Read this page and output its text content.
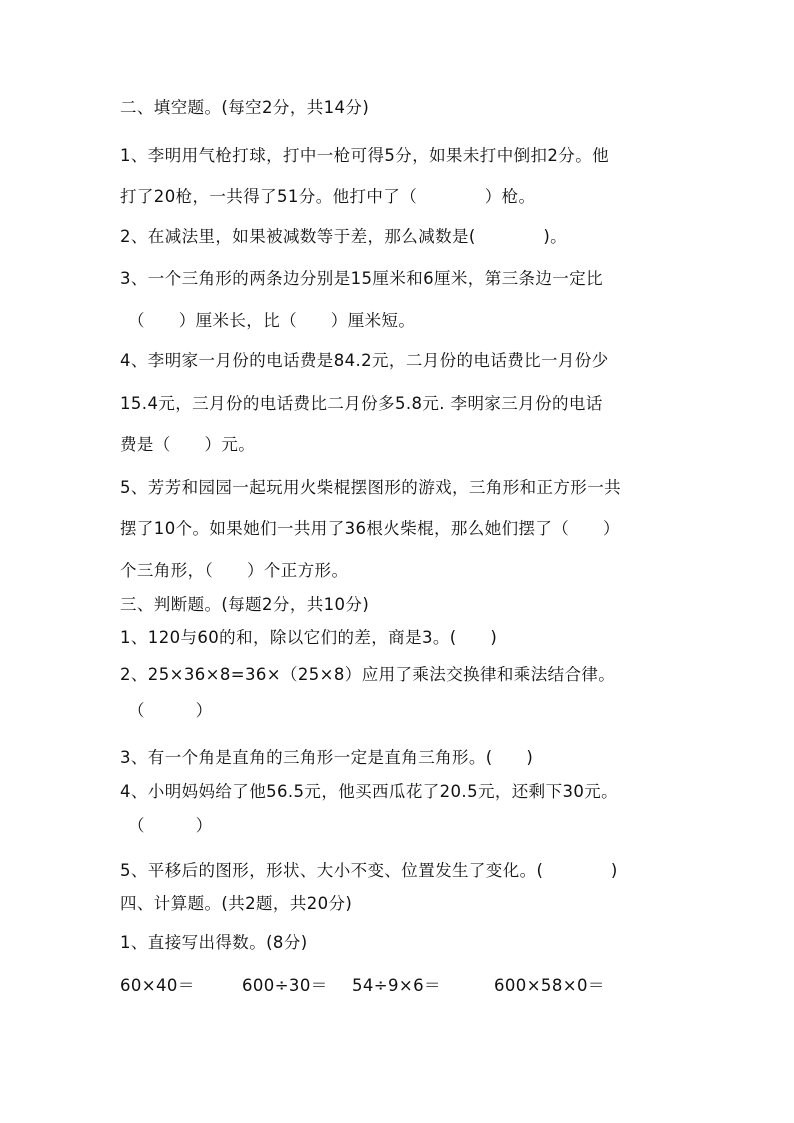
二、填空题。(每空2分，共14分)
1、李明用气枪打球，打中一枪可得5分，如果未打中倒扣2分。他
打了20枪，一共得了51分。他打中了（　　　　）枪。
2、在减法里，如果被减数等于差，那么减数是(　　　　)。
3、一个三角形的两条边分别是15厘米和6厘米，第三条边一定比
（　　）厘米长，比（　　）厘米短。
4、李明家一月份的电话费是84.2元，二月份的电话费比一月份少
15.4元，三月份的电话费比二月份多5.8元. 李明家三月份的电话
费是（　　）元。
5、芳芳和园园一起玩用火柴棍摆图形的游戏，三角形和正方形一共
摆了10个。如果她们一共用了36根火柴棍，那么她们摆了（　　）
个三角形，（　　）个正方形。
三、判断题。(每题2分，共10分)
1、120与60的和，除以它们的差，商是3。(　　)
2、25×36×8=36×（25×8）应用了乘法交换律和乘法结合律。
（　　　）
3、有一个角是直角的三角形一定是直角三角形。(　　)
4、小明妈妈给了他56.5元，他买西瓜花了20.5元，还剩下30元。
（　　　）
5、平移后的图形，形状、大小不变、位置发生了变化。(　　　　)
四、计算题。(共2题，共20分)
1、直接写出得数。(8分)
60×40＝	600÷30＝ 54÷9×6＝	600×58×0＝
